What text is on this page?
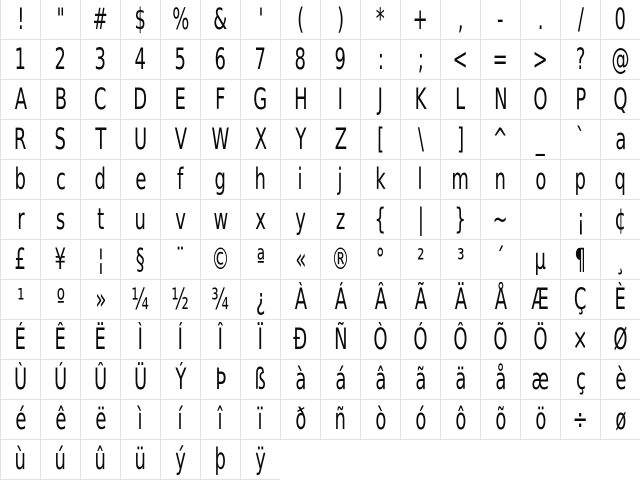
! " # $ % & ' ( ) * + , - . / 0
1 2 3 4 5 6 7 8 9 : ; < = > ? @
A B C D E F G H I J K L N O P Q
R S T U V W X Y Z [ \ ] ^ _ ` a
b c d e f g h i j k l m n o p q
r s t u v w x y z { | } ~ ¡ ¢
£ ¥ ¦ § ¨ © ª « ® ° ² ³ ´ µ ¶ ¸
¹ º » ¼ ½ ¾ ¿ À Á Â Ã Ä Å Æ Ç È
É Ê Ë Ì Í Î Ï Ð Ñ Ò Ó Ô Õ Ö × Ø
Ù Ú Û Ü Ý Þ ß à á â ã ä å æ ç è
é ê ë ì í î ï ð ñ ò ó ô õ ö ÷ ø
ù ú û ü ý þ ÿ
